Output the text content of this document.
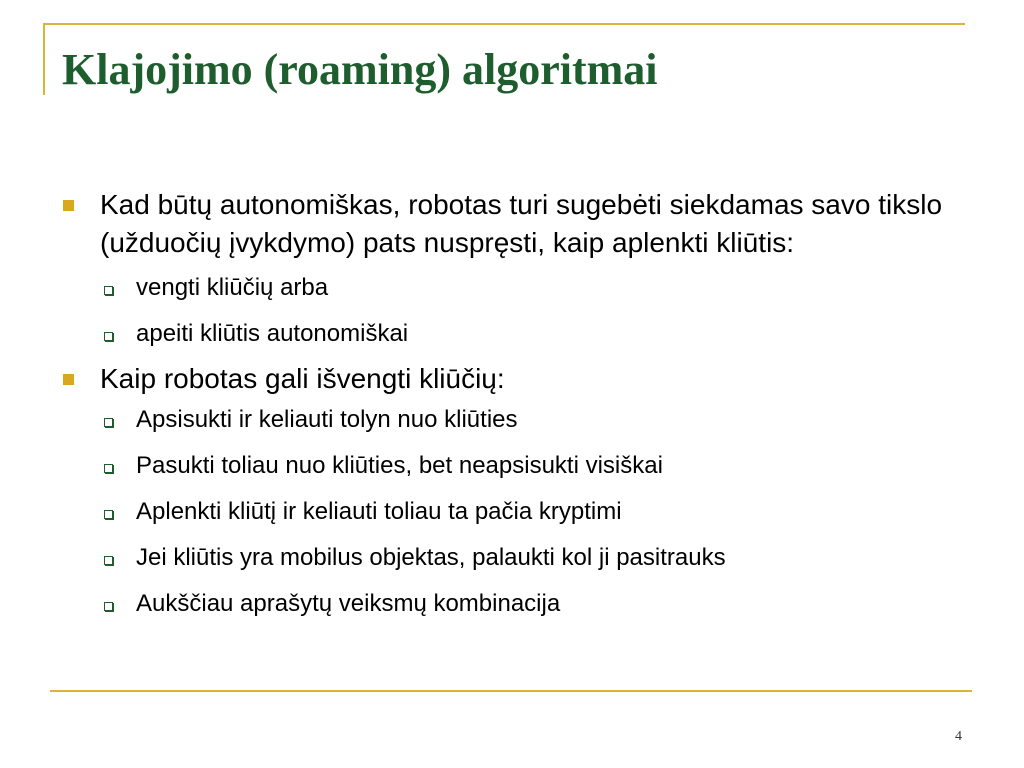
Klajojimo (roaming) algoritmai
Kad būtų autonomiškas, robotas turi sugebėti siekdamas savo tikslo (užduočių įvykdymo) pats nuspręsti, kaip aplenkti kliūtis:
vengti kliūčių arba
apeiti kliūtis autonomiškai
Kaip robotas gali išvengti kliūčių:
Apsisukti ir keliauti tolyn nuo kliūties
Pasukti toliau nuo kliūties, bet neapsisukti visiškai
Aplenkti kliūtį ir keliauti toliau ta pačia kryptimi
Jei kliūtis yra mobilus objektas, palaukti kol ji pasitrauks
Aukščiau aprašytų veiksmų kombinacija
4
